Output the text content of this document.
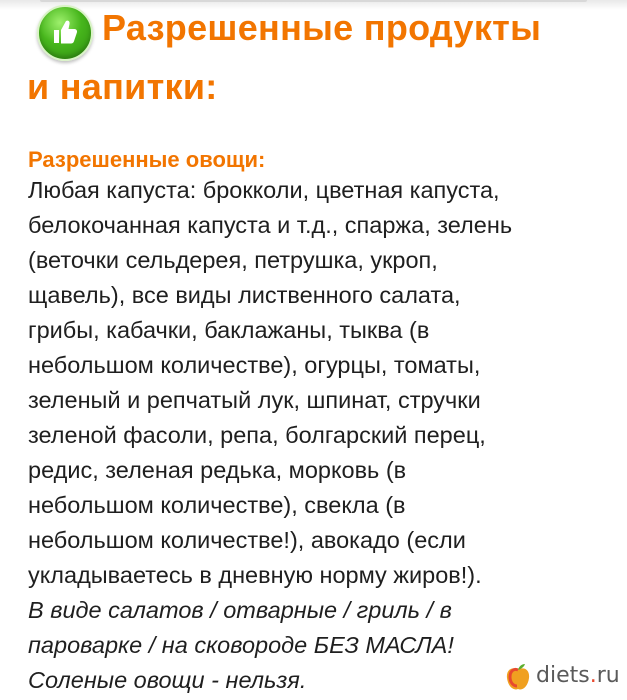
Разрешенные продукты
и напитки:
Разрешенные овощи:
Любая капуста: брокколи, цветная капуста,
белокочанная капуста и т.д., спаржа, зелень
(веточки сельдерея, петрушка, укроп,
щавель), все виды лиственного салата,
грибы, кабачки, баклажаны, тыква (в
небольшом количестве), огурцы, томаты,
зеленый и репчатый лук, шпинат, стручки
зеленой фасоли, репа, болгарский перец,
редис, зеленая редька, морковь (в
небольшом количестве), свекла (в
небольшом количестве!), авокадо (если
укладываетесь в дневную норму жиров!).
В виде салатов / отварные / гриль / в
пароварке / на сковороде БЕЗ МАСЛА!
Соленые овощи - нельзя.	diets.ru
